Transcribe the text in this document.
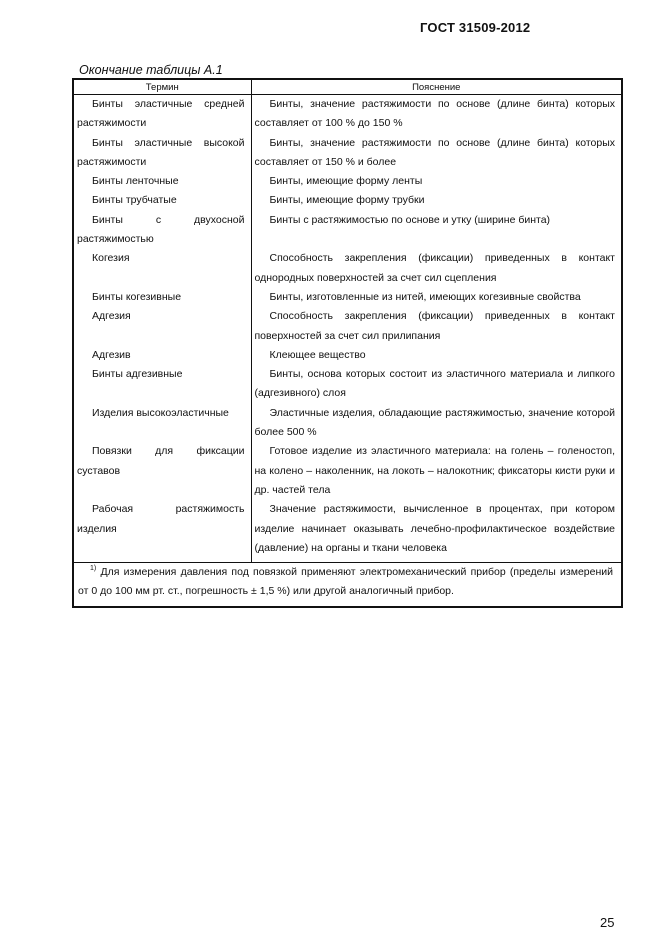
ГОСТ 31509-2012
Окончание таблицы А.1
Термин	Пояснение

Бинты эластичные средней растяжимости	Бинты, значение растяжимости по основе (длине бинта) которых составляет от 100 % до 150 %

Бинты эластичные высокой растяжимости	Бинты, значение растяжимости по основе (длине бинта) которых составляет от 150 % и более

Бинты ленточные	Бинты, имеющие форму ленты

Бинты трубчатые	Бинты, имеющие форму трубки

Бинты с двухосной растяжимостью	Бинты с растяжимостью по основе и утку (ширине бинта)

Когезия	Способность закрепления (фиксации) приведенных в контакт однородных поверхностей за счет сил сцепления

Бинты когезивные	Бинты, изготовленные из нитей, имеющих когезивные свойства

Адгезия	Способность закрепления (фиксации) приведенных в контакт поверхностей за счет сил прилипания

Адгезив	Клеющее вещество

Бинты адгезивные	Бинты, основа которых состоит из эластичного материала и липкого (адгезивного) слоя

Изделия высокоэластичные	Эластичные изделия, обладающие растяжимостью, значение которой более 500 %

Повязки для фиксации суставов	Готовое изделие из эластичного материала: на голень – голеностоп, на колено – наколенник, на локоть – налокотник; фиксаторы кисти руки и др. частей тела

Рабочая растяжимость изделия	Значение растяжимости, вычисленное в процентах, при котором изделие начинает оказывать лечебно-профилактическое воздействие (давление) на органы и ткани человека

$^{1)}$ Для измерения давления под повязкой применяют электромеханический прибор (пределы измерений от 0 до 100 мм рт. ст., погрешность ± 1,5 %) или другой аналогичный прибор.	
25
